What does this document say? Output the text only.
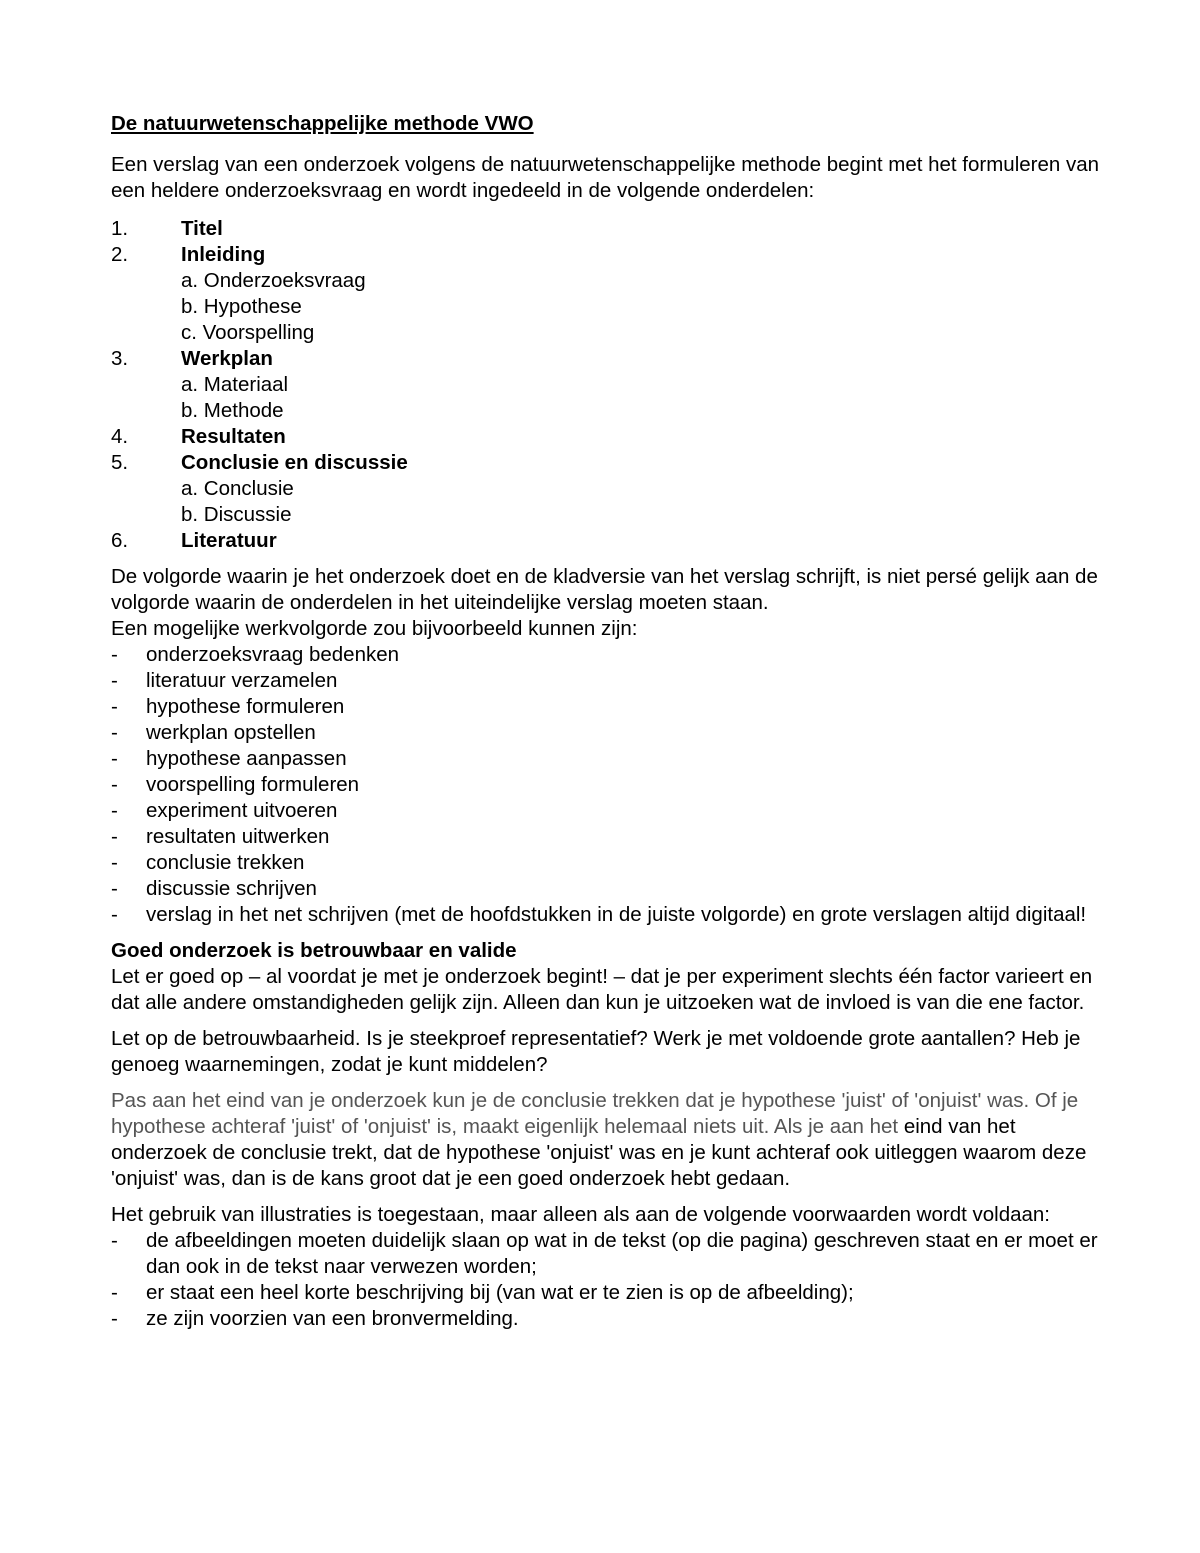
De natuurwetenschappelijke methode VWO

Een verslag van een onderzoek volgens de natuurwetenschappelijke methode begint met het formuleren van een heldere onderzoeksvraag en wordt ingedeeld in de volgende onderdelen:

1.	Titel
2.	Inleiding
a. Onderzoeksvraag
b. Hypothese
c. Voorspelling
3.	Werkplan
a. Materiaal
b. Methode
4.	Resultaten
5.	Conclusie en discussie
a. Conclusie
b. Discussie
6.	Literatuur

De volgorde waarin je het onderzoek doet en de kladversie van het verslag schrijft, is niet persé gelijk aan de volgorde waarin de onderdelen in het uiteindelijke verslag moeten staan.

Een mogelijke werkvolgorde zou bijvoorbeeld kunnen zijn:

-	onderzoeksvraag bedenken
-	literatuur verzamelen
-	hypothese formuleren
-	werkplan opstellen
-	hypothese aanpassen
-	voorspelling formuleren
-	experiment uitvoeren
-	resultaten uitwerken
-	conclusie trekken
-	discussie schrijven
-	verslag in het net schrijven (met de hoofdstukken in de juiste volgorde) en grote verslagen altijd digitaal!
Goed onderzoek is betrouwbaar en valide

Let er goed op – al voordat je met je onderzoek begint! – dat je per experiment slechts één factor varieert en dat alle andere omstandigheden gelijk zijn. Alleen dan kun je uitzoeken wat de invloed is van die ene factor.

Let op de betrouwbaarheid. Is je steekproef representatief? Werk je met voldoende grote aantallen? Heb je genoeg waarnemingen, zodat je kunt middelen?

Pas aan het eind van je onderzoek kun je de conclusie trekken dat je hypothese 'juist' of 'onjuist' was. Of je hypothese achteraf 'juist' of 'onjuist' is, maakt eigenlijk helemaal niets uit. Als je aan het eind van het onderzoek de conclusie trekt, dat de hypothese 'onjuist' was en je kunt achteraf ook uitleggen waarom deze 'onjuist' was, dan is de kans groot dat je een goed onderzoek hebt gedaan.

Het gebruik van illustraties is toegestaan, maar alleen als aan de volgende voorwaarden wordt voldaan:

-	de afbeeldingen moeten duidelijk slaan op wat in de tekst (op die pagina) geschreven staat en er moet er dan ook in de tekst naar verwezen worden;
-	er staat een heel korte beschrijving bij (van wat er te zien is op de afbeelding);
-	ze zijn voorzien van een bronvermelding.
